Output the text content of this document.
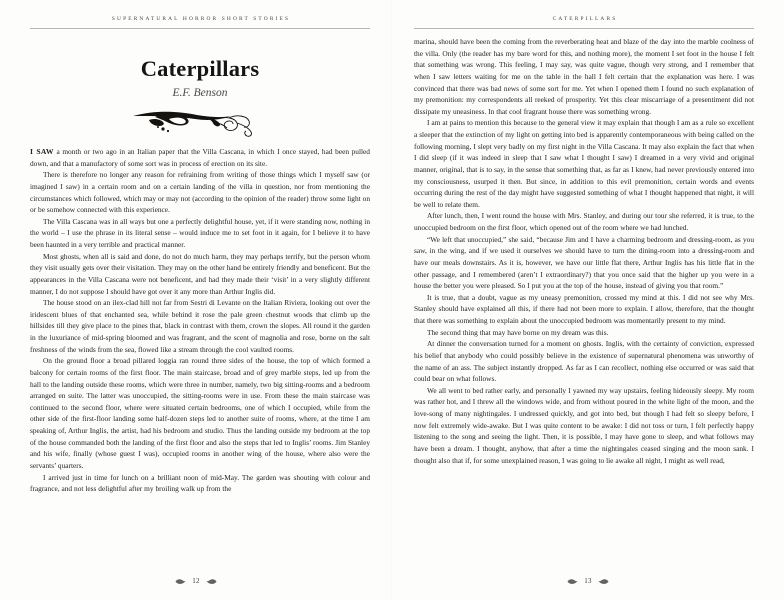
SUPERNATURAL HORROR SHORT STORIES
Caterpillars
E.F. Benson

I SAW a month or two ago in an Italian paper that the Villa Cascana, in which I once stayed, had been pulled down, and that a manufactory of some sort was in process of erection on its site.

There is therefore no longer any reason for refraining from writing of those things which I myself saw (or imagined I saw) in a certain room and on a certain landing of the villa in question, nor from mentioning the circumstances which followed, which may or may not (according to the opinion of the reader) throw some light on or be somehow connected with this experience.

The Villa Cascana was in all ways but one a perfectly delightful house, yet, if it were standing now, nothing in the world – I use the phrase in its literal sense – would induce me to set foot in it again, for I believe it to have been haunted in a very terrible and practical manner.

Most ghosts, when all is said and done, do not do much harm, they may perhaps terrify, but the person whom they visit usually gets over their visitation. They may on the other hand be entirely friendly and beneficent. But the appearances in the Villa Cascana were not beneficent, and had they made their ‘visit’ in a very slightly different manner, I do not suppose I should have got over it any more than Arthur Inglis did.

The house stood on an ilex-clad hill not far from Sestri di Levante on the Italian Riviera, looking out over the iridescent blues of that enchanted sea, while behind it rose the pale green chestnut woods that climb up the hillsides till they give place to the pines that, black in contrast with them, crown the slopes. All round it the garden in the luxuriance of mid-spring bloomed and was fragrant, and the scent of magnolia and rose, borne on the salt freshness of the winds from the sea, flowed like a stream through the cool vaulted rooms.

On the ground floor a broad pillared loggia ran round three sides of the house, the top of which formed a balcony for certain rooms of the first floor. The main staircase, broad and of grey marble steps, led up from the hall to the landing outside these rooms, which were three in number, namely, two big sitting-rooms and a bedroom arranged en suite. The latter was unoccupied, the sitting-rooms were in use. From these the main staircase was continued to the second floor, where were situated certain bedrooms, one of which I occupied, while from the other side of the first-floor landing some half-dozen steps led to another suite of rooms, where, at the time I am speaking of, Arthur Inglis, the artist, had his bedroom and studio. Thus the landing outside my bedroom at the top of the house commanded both the landing of the first floor and also the steps that led to Inglis’ rooms. Jim Stanley and his wife, finally (whose guest I was), occupied rooms in another wing of the house, where also were the servants’ quarters.

I arrived just in time for lunch on a brilliant noon of mid-May. The garden was shouting with colour and fragrance, and not less delightful after my broiling walk up from the

12
CATERPILLARS

marina, should have been the coming from the reverberating heat and blaze of the day into the marble coolness of the villa. Only (the reader has my bare word for this, and nothing more), the moment I set foot in the house I felt that something was wrong. This feeling, I may say, was quite vague, though very strong, and I remember that when I saw letters waiting for me on the table in the hall I felt certain that the explanation was here. I was convinced that there was bad news of some sort for me. Yet when I opened them I found no such explanation of my premonition: my correspondents all reeked of prosperity. Yet this clear miscarriage of a presentiment did not dissipate my uneasiness. In that cool fragrant house there was something wrong.

I am at pains to mention this because to the general view it may explain that though I am as a rule so excellent a sleeper that the extinction of my light on getting into bed is apparently contemporaneous with being called on the following morning, I slept very badly on my first night in the Villa Cascana. It may also explain the fact that when I did sleep (if it was indeed in sleep that I saw what I thought I saw) I dreamed in a very vivid and original manner, original, that is to say, in the sense that something that, as far as I knew, had never previously entered into my consciousness, usurped it then. But since, in addition to this evil premonition, certain words and events occurring during the rest of the day might have suggested something of what I thought happened that night, it will be well to relate them.

After lunch, then, I went round the house with Mrs. Stanley, and during our tour she referred, it is true, to the unoccupied bedroom on the first floor, which opened out of the room where we had lunched.

“We left that unoccupied,” she said, “because Jim and I have a charming bedroom and dressing-room, as you saw, in the wing, and if we used it ourselves we should have to turn the dining-room into a dressing-room and have our meals downstairs. As it is, however, we have our little flat there, Arthur Inglis has his little flat in the other passage, and I remembered (aren’t I extraordinary?) that you once said that the higher up you were in a house the better you were pleased. So I put you at the top of the house, instead of giving you that room.”

It is true, that a doubt, vague as my uneasy premonition, crossed my mind at this. I did not see why Mrs. Stanley should have explained all this, if there had not been more to explain. I allow, therefore, that the thought that there was something to explain about the unoccupied bedroom was momentarily present to my mind.

The second thing that may have borne on my dream was this.

At dinner the conversation turned for a moment on ghosts. Inglis, with the certainty of conviction, expressed his belief that anybody who could possibly believe in the existence of supernatural phenomena was unworthy of the name of an ass. The subject instantly dropped. As far as I can recollect, nothing else occurred or was said that could bear on what follows.

We all went to bed rather early, and personally I yawned my way upstairs, feeling hideously sleepy. My room was rather hot, and I threw all the windows wide, and from without poured in the white light of the moon, and the love-song of many nightingales. I undressed quickly, and got into bed, but though I had felt so sleepy before, I now felt extremely wide-awake. But I was quite content to be awake: I did not toss or turn, I felt perfectly happy listening to the song and seeing the light. Then, it is possible, I may have gone to sleep, and what follows may have been a dream. I thought, anyhow, that after a time the nightingales ceased singing and the moon sank. I thought also that if, for some unexplained reason, I was going to lie awake all night, I might as well read,

13
